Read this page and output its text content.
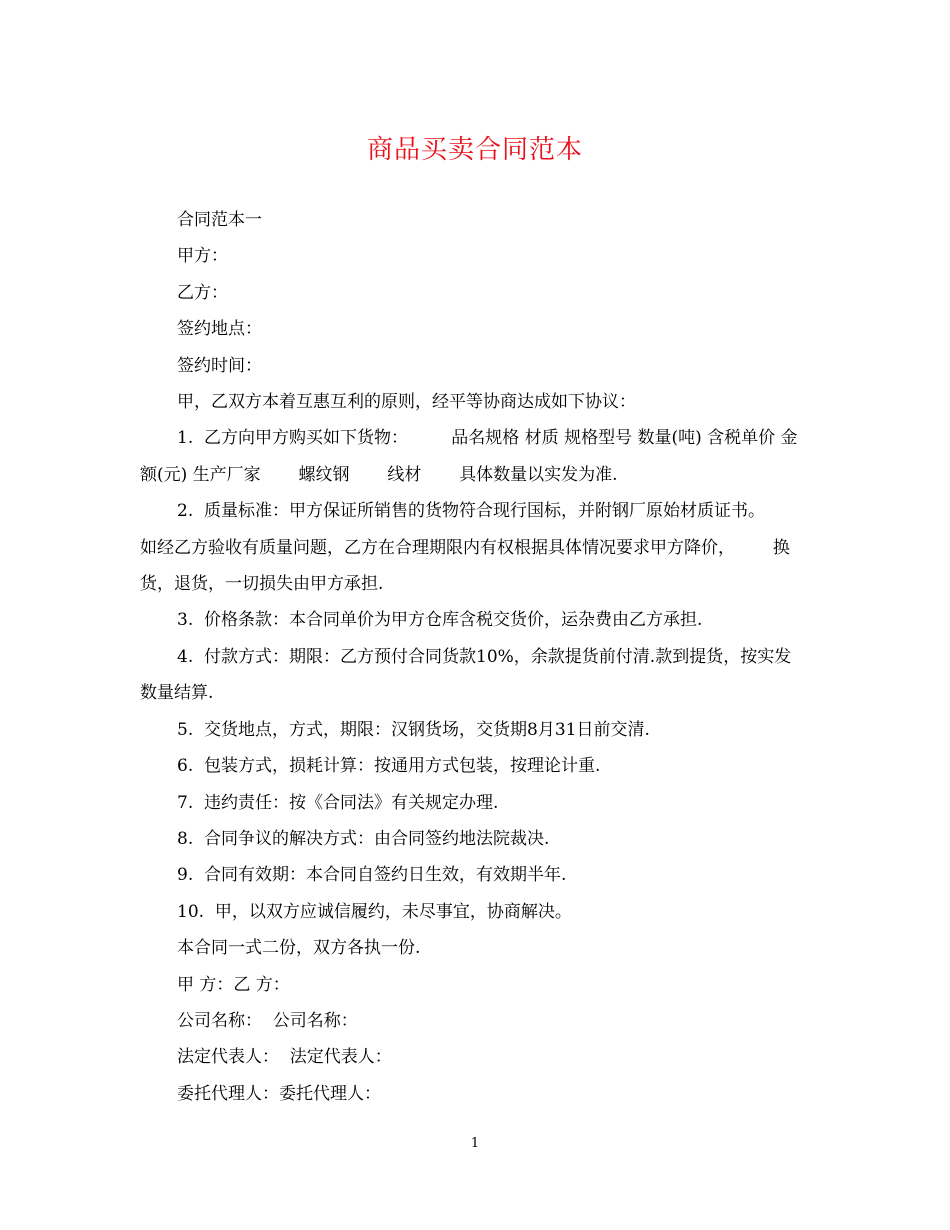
商品买卖合同范本

合同范本一

甲方：

乙方：

签约地点：

签约时间：

甲，乙双方本着互惠互利的原则，经平等协商达成如下协议：

1.  乙方向甲方购买如下货物：        品名规格 材质 规格型号 数量(吨) 含税单价 金额(元) 生产厂家       螺纹钢       线材       具体数量以实发为准.

2.  质量标准：甲方保证所销售的货物符合现行国标，并附钢厂原始材质证书。       如经乙方验收有质量问题，乙方在合理期限内有权根据具体情况要求甲方降价，       换货，退货，一切损失由甲方承担.

3.  价格条款：本合同单价为甲方仓库含税交货价，运杂费由乙方承担.

4.  付款方式：期限：乙方预付合同货款10%，余款提货前付清.款到提货，按实发       数量结算.

5.  交货地点，方式，期限：汉钢货场，交货期8月31日前交清.

6.  包装方式，损耗计算：按通用方式包装，按理论计重.

7.  违约责任：按《合同法》有关规定办理.

8.  合同争议的解决方式：由合同签约地法院裁决.

9.  合同有效期：本合同自签约日生效，有效期半年.

10.  甲，以双方应诚信履约，未尽事宜，协商解决。

本合同一式二份，双方各执一份.

甲 方：乙 方：

公司名称：  公司名称：

法定代表人：  法定代表人：

委托代理人：委托代理人：

1
